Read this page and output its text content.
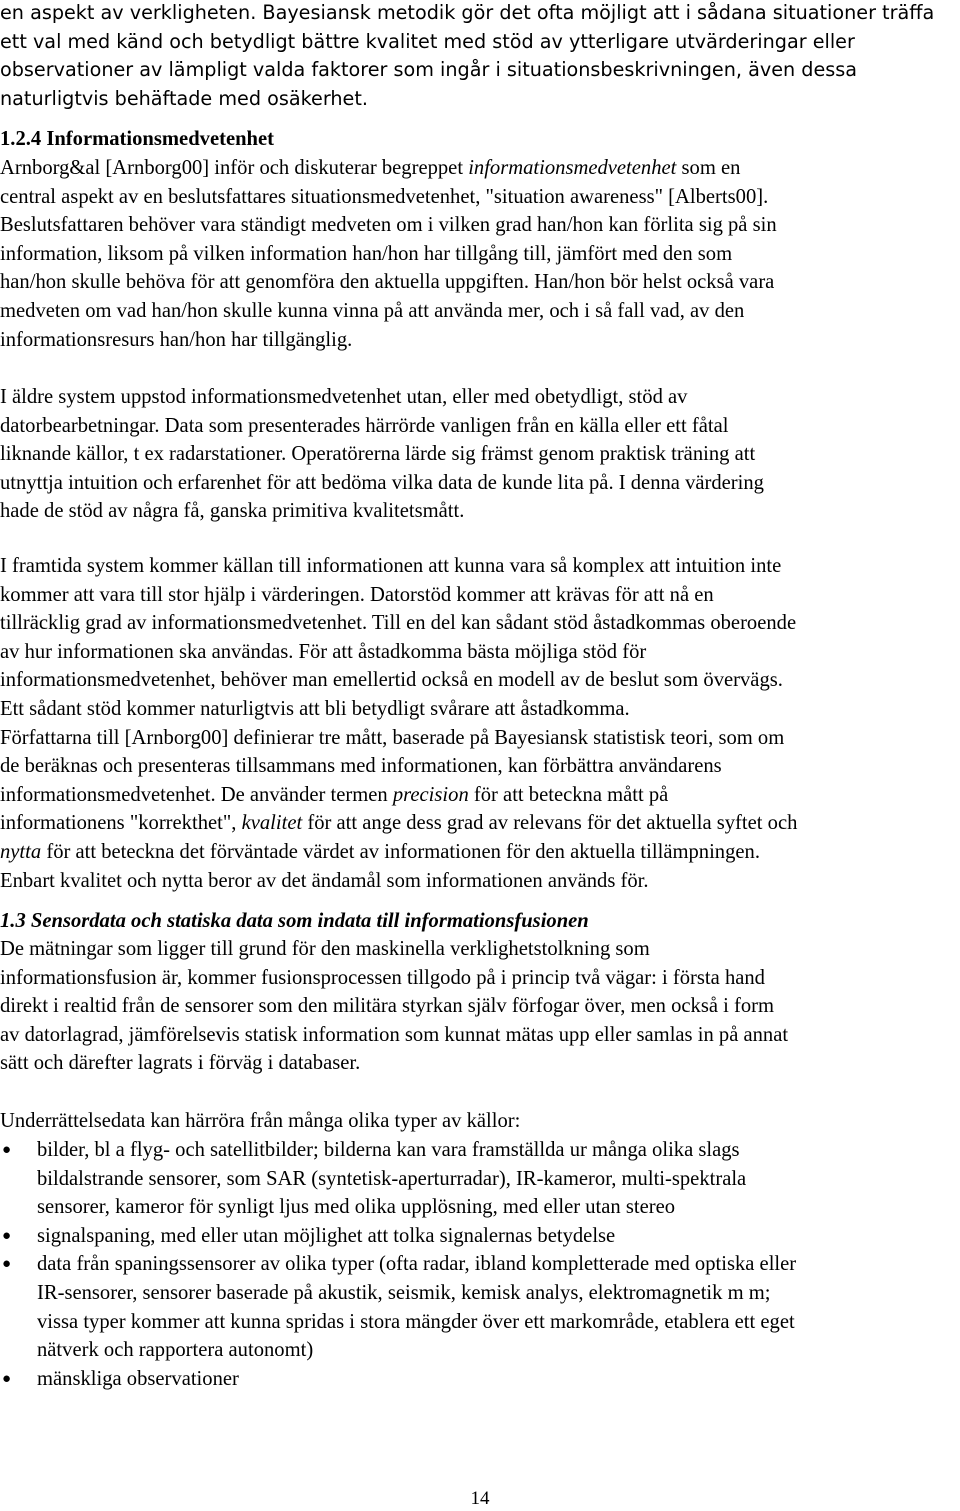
en aspekt av verkligheten. Bayesiansk metodik gör det ofta möjligt att i sådana situationer träffa
ett val med känd och betydligt bättre kvalitet med stöd av ytterligare utvärderingar eller
observationer av lämpligt valda faktorer som ingår i situationsbeskrivningen, även dessa
naturligtvis behäftade med osäkerhet.
1.2.4 Informationsmedvetenhet
Arnborg&al [Arnborg00] inför och diskuterar begreppet informationsmedvetenhet som en
central aspekt av en beslutsfattares situationsmedvetenhet, "situation awareness" [Alberts00].
Beslutsfattaren behöver vara ständigt medveten om i vilken grad han/hon kan förlita sig på sin
information, liksom på vilken information han/hon har tillgång till, jämfört med den som
han/hon skulle behöva för att genomföra den aktuella uppgiften. Han/hon bör helst också vara
medveten om vad han/hon skulle kunna vinna på att använda mer, och i så fall vad, av den
informationsresurs han/hon har tillgänglig.
I äldre system uppstod informationsmedvetenhet utan, eller med obetydligt, stöd av
datorbearbetningar. Data som presenterades härrörde vanligen från en källa eller ett fåtal
liknande källor, t ex radarstationer. Operatörerna lärde sig främst genom praktisk träning att
utnyttja intuition och erfarenhet för att bedöma vilka data de kunde lita på. I denna värdering
hade de stöd av några få, ganska primitiva kvalitetsmått.
I framtida system kommer källan till informationen att kunna vara så komplex att intuition inte
kommer att vara till stor hjälp i värderingen. Datorstöd kommer att krävas för att nå en
tillräcklig grad av informationsmedvetenhet. Till en del kan sådant stöd åstadkommas oberoende
av hur informationen ska användas. För att åstadkomma bästa möjliga stöd för
informationsmedvetenhet, behöver man emellertid också en modell av de beslut som övervägs.
Ett sådant stöd kommer naturligtvis att bli betydligt svårare att åstadkomma.
Författarna till [Arnborg00] definierar tre mått, baserade på Bayesiansk statistisk teori, som om
de beräknas och presenteras tillsammans med informationen, kan förbättra användarens
informationsmedvetenhet. De använder termen precision för att beteckna mått på
informationens "korrekthet", kvalitet för att ange dess grad av relevans för det aktuella syftet och
nytta för att beteckna det förväntade värdet av informationen för den aktuella tillämpningen.
Enbart kvalitet och nytta beror av det ändamål som informationen används för.
1.3 Sensordata och statiska data som indata till informationsfusionen
De mätningar som ligger till grund för den maskinella verklighetstolkning som
informationsfusion är, kommer fusionsprocessen tillgodo på i princip två vägar: i första hand
direkt i realtid från de sensorer som den militära styrkan själv förfogar över, men också i form
av datorlagrad, jämförelsevis statisk information som kunnat mätas upp eller samlas in på annat
sätt och därefter lagrats i förväg i databaser.
Underrättelsedata kan härröra från många olika typer av källor:
● bilder, bl a flyg- och satellitbilder; bilderna kan vara framställda ur många olika slags
bildalstrande sensorer, som SAR (syntetisk-aperturradar), IR-kameror, multi-spektrala
sensorer, kameror för synligt ljus med olika upplösning, med eller utan stereo
● signalspaning, med eller utan möjlighet att tolka signalernas betydelse
● data från spaningssensorer av olika typer (ofta radar, ibland kompletterade med optiska eller
IR-sensorer, sensorer baserade på akustik, seismik, kemisk analys, elektromagnetik m m;
vissa typer kommer att kunna spridas i stora mängder över ett markområde, etablera ett eget
nätverk och rapportera autonomt)
● mänskliga observationer
14
